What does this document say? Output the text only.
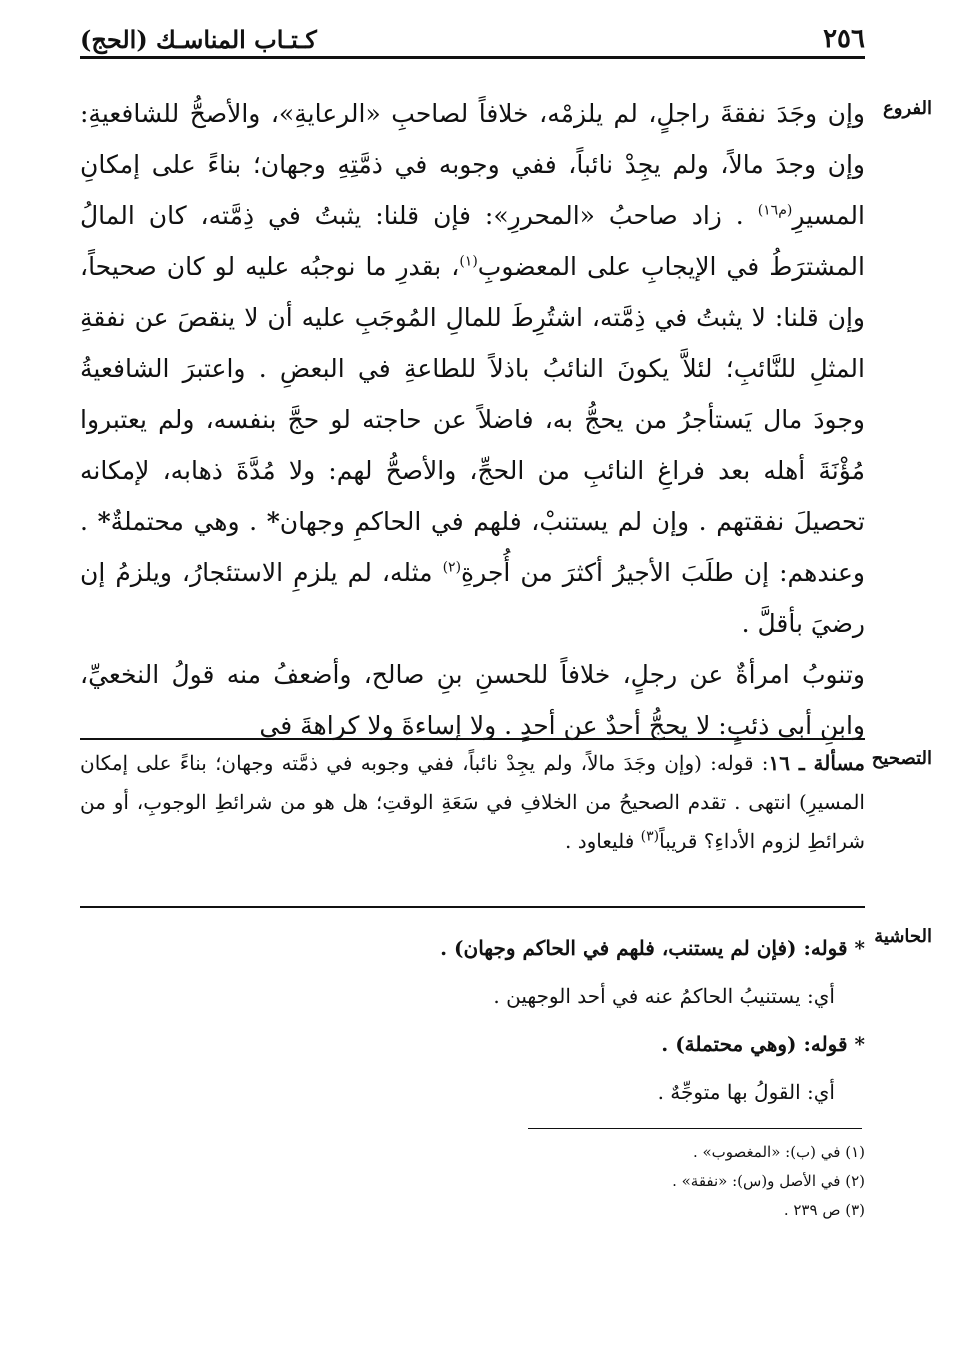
٢٥٦
كـتـاب المناسـك (الحج)
الفروع
التصحيح
الحاشية

وإن وجَدَ نفقةَ راجلٍ، لم يلزمْه، خلافاً لصاحبِ «الرعايةِ»، والأصحُّ للشافعيةِ: وإن وجدَ مالاً، ولم يجِدْ نائباً، ففي وجوبه في ذمَّتِهِ وجهان؛ بناءً على إمكانِ المسيرِ$^{(م١٦)}$ . زاد صاحبُ «المحررِ»: فإن قلنا: يثبتُ في ذِمَّته، كان المالُ المشترَطُ في الإيجابِ على المعضوبِ$^{(١)}$، بقدرِ ما نوجبُه عليه لو كان صحيحاً، وإن قلنا: لا يثبتُ في ذِمَّته، اشتُرِطَ للمالِ المُوجَبِ عليه أن لا ينقصَ عن نفقةِ المثلِ للنَّائبِ؛ لئلاَّ يكونَ النائبُ باذلاً للطاعةِ في البعضِ . واعتبرَ الشافعيةُ وجودَ مال يَستأجرُ من يحجُّ به، فاضلاً عن حاجته لو حجَّ بنفسه، ولم يعتبروا مُؤْنَةَ أهله بعد فراغِ النائبِ من الحجِّ، والأصحُّ لهم: ولا مُدَّةَ ذهابه، لإمكانه تحصيلَ نفقتهم . وإن لم يستنبْ، فلهم في الحاكمِ وجهان* . وهي محتملةٌ* . وعندهم: إن طلَبَ الأجيرُ أكثرَ من أُجرةِ$^{(٢)}$ مثله، لم يلزمِ الاستئجارُ، ويلزمُ إن رضيَ بأقلَّ .

وتنوبُ امرأةٌ عن رجلٍ، خلافاً للحسنِ بنِ صالح، وأضعفُ منه قولُ النخعيِّ، وابنِ أبي ذئبٍ: لا يحجُّ أحدٌ عن أحدٍ . ولا إساءةَ ولا كراهةَ في

مسألة ـ ١٦: قوله: (وإن وجَدَ مالاً، ولم يجِدْ نائباً، ففي وجوبه في ذمَّته وجهان؛ بناءً على إمكان المسيرِ) انتهى . تقدم الصحيحُ من الخلافِ في سَعَةِ الوقتِ؛ هل هو من شرائطِ الوجوبِ، أو من شرائطِ لزوم الأداءِ؟ قريباً$^{(٣)}$ فليعاود .

* قوله: (فإن لم يستنب، فلهم في الحاكم وجهان) .

أي: يستنيبُ الحاكمُ عنه في أحد الوجهين .

* قوله: (وهي محتملة) .

أي: القولُ بها متوجِّهٌ .

(١) في (ب): «المغصوب» .

(٢) في الأصل و(س): «نفقة» .

(٣) ص ٢٣٩ .
